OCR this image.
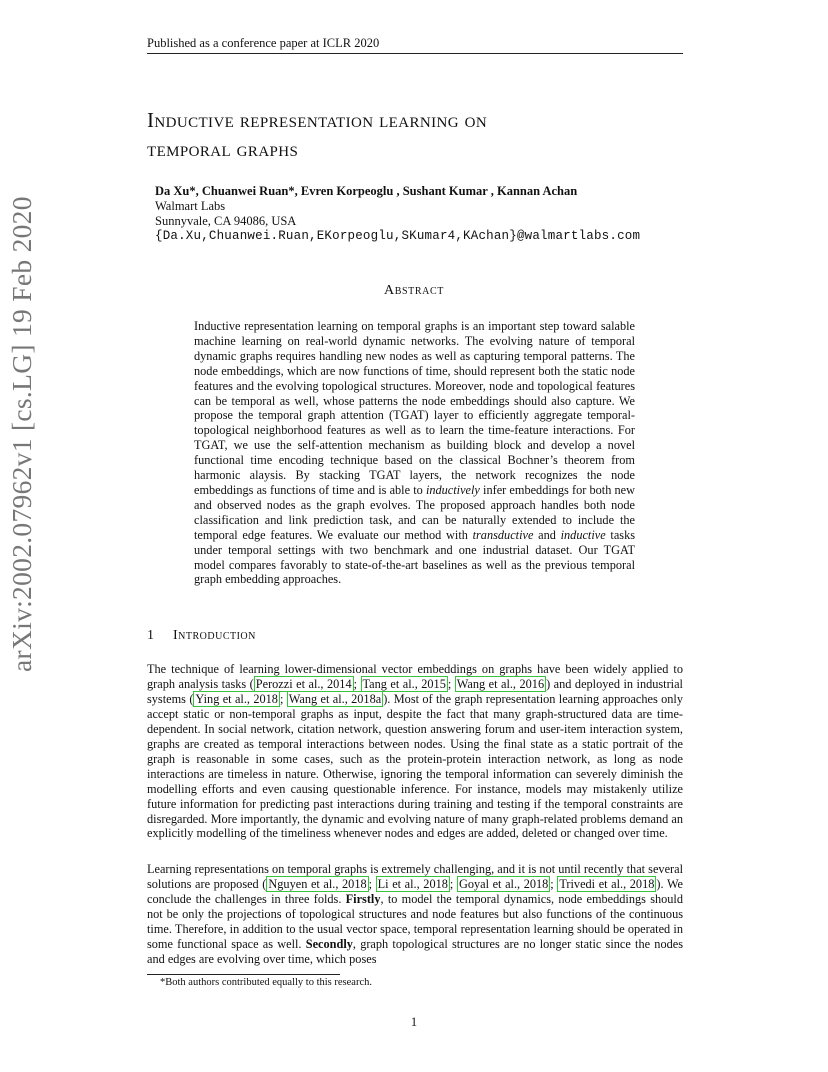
Published as a conference paper at ICLR 2020
arXiv:2002.07962v1 [cs.LG] 19 Feb 2020
Inductive representation learning on
temporal graphs
Da Xu*, Chuanwei Ruan*, Evren Korpeoglu , Sushant Kumar , Kannan Achan
Walmart Labs
Sunnyvale, CA 94086, USA
{Da.Xu,Chuanwei.Ruan,EKorpeoglu,SKumar4,KAchan}@walmartlabs.com
Abstract
Inductive representation learning on temporal graphs is an important step toward salable machine learning on real-world dynamic networks. The evolving nature of temporal dynamic graphs requires handling new nodes as well as capturing temporal patterns. The node embeddings, which are now functions of time, should represent both the static node features and the evolving topological structures. Moreover, node and topological features can be temporal as well, whose patterns the node embeddings should also capture. We propose the temporal graph attention (TGAT) layer to efficiently aggregate temporal-topological neighborhood features as well as to learn the time-feature interactions. For TGAT, we use the self-attention mechanism as building block and develop a novel functional time encoding technique based on the classical Bochner’s theorem from harmonic alaysis. By stacking TGAT layers, the network recognizes the node embeddings as functions of time and is able to inductively infer embeddings for both new and observed nodes as the graph evolves. The proposed approach handles both node classification and link prediction task, and can be naturally extended to include the temporal edge features. We evaluate our method with transductive and inductive tasks under temporal settings with two benchmark and one industrial dataset. Our TGAT model compares favorably to state-of-the-art baselines as well as the previous temporal graph embedding approaches.
1 Introduction
The technique of learning lower-dimensional vector embeddings on graphs have been widely applied to graph analysis tasks ( Perozzi et al., 2014 ; Tang et al., 2015 ; Wang et al., 2016 ) and deployed in industrial systems ( Ying et al., 2018 ; Wang et al., 2018a ). Most of the graph representation learning approaches only accept static or non-temporal graphs as input, despite the fact that many graph-structured data are time-dependent. In social network, citation network, question answering forum and user-item interaction system, graphs are created as temporal interactions between nodes. Using the final state as a static portrait of the graph is reasonable in some cases, such as the protein-protein interaction network, as long as node interactions are timeless in nature. Otherwise, ignoring the temporal information can severely diminish the modelling efforts and even causing questionable inference. For instance, models may mistakenly utilize future information for predicting past interactions during training and testing if the temporal constraints are disregarded. More importantly, the dynamic and evolving nature of many graph-related problems demand an explicitly modelling of the timeliness whenever nodes and edges are added, deleted or changed over time.
Learning representations on temporal graphs is extremely challenging, and it is not until recently that several solutions are proposed ( Nguyen et al., 2018 ; Li et al., 2018 ; Goyal et al., 2018 ; Trivedi et al., 2018 ). We conclude the challenges in three folds. Firstly, to model the temporal dynamics, node embeddings should not be only the projections of topological structures and node features but also functions of the continuous time. Therefore, in addition to the usual vector space, temporal representation learning should be operated in some functional space as well. Secondly, graph topological structures are no longer static since the nodes and edges are evolving over time, which poses
*Both authors contributed equally to this research.
1
